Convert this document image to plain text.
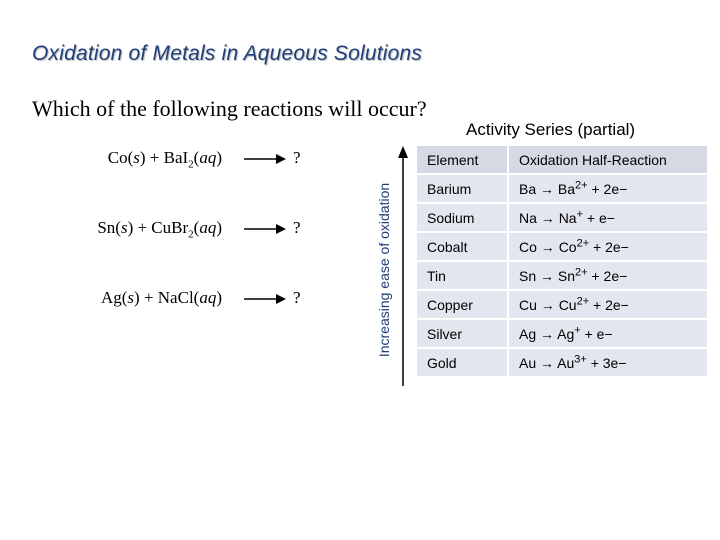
Oxidation of Metals in Aqueous Solutions
Which of the following reactions will occur?
Co(s) + BaI$_2$(aq)	?
Sn(s) + CuBr$_2$(aq)	?
Ag(s) + NaCl(aq)	?
Activity Series (partial)
Increasing ease of oxidation
Element	Oxidation Half-Reaction
Barium	$Ba \to Ba^{2+} + 2e-$
Sodium	Na → Na+ + e−
Cobalt	$Co \to Co^{2+} + 2e-$
Tin	$Sn \to Sn^{2+} + 2e-$
Copper	$Cu \to Cu^{2+} + 2e-$
Silver	Ag → Ag+ + e−
Gold	$Au \to Au^{3+} + 3e-$
